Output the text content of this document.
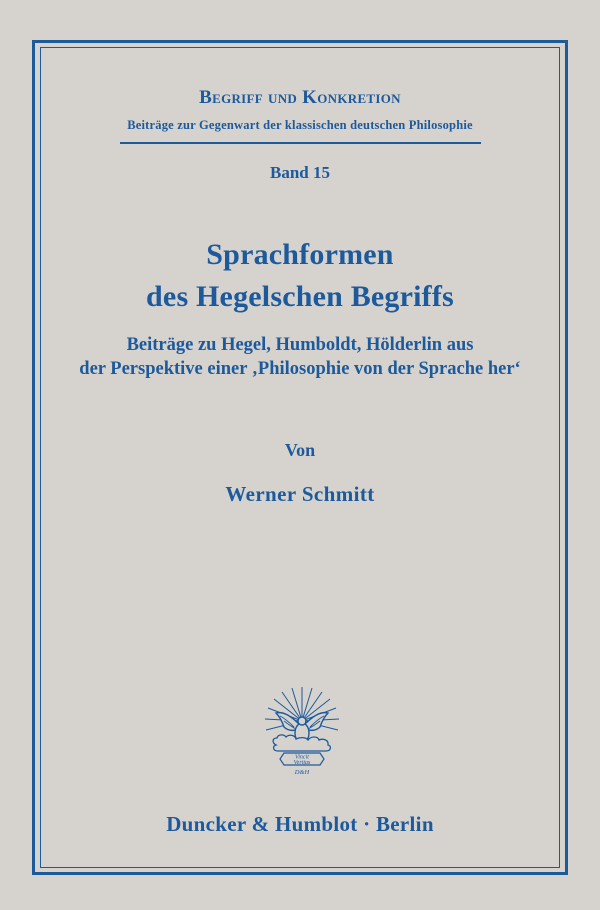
Begriff und Konkretion
Beiträge zur Gegenwart der klassischen deutschen Philosophie
Band 15
Sprachformen
des Hegelschen Begriffs
Beiträge zu Hegel, Humboldt, Hölderlin aus
der Perspektive einer ‚Philosophie von der Sprache her‘
Von
Werner Schmitt
Vincit
Veritas
D&H
Duncker & Humblot · Berlin
